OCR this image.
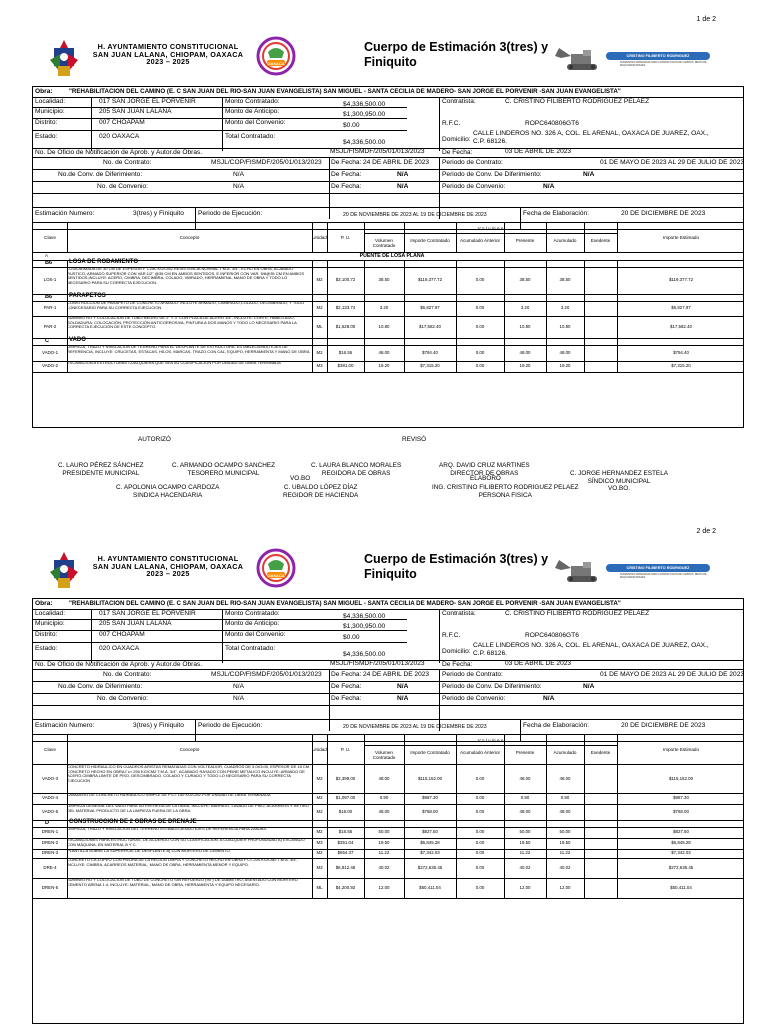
1 de 2
H. AYUNTAMIENTO CONSTITUCIONAL
SAN JUAN LALANA, CHIOPAM, OAXACA
2023 – 2025	OAXACA
Cuerpo de Estimación 3(tres) y
Finiquito	CRISTINO FILIBERTO RODRIGUEZ
SUMINISTRO MATERIALES PARA CONSTRUCCION DE CAMINOS, RENTA DE MAQUINARIA PESADA
Obra:	"REHABILITACION DEL CAMINO (E. C SAN JUAN DEL RIO-SAN JUAN EVANGELISTA) SAN MIGUEL - SANTA CECILIA DE MADERO- SAN JORGE EL PORVENIR -SAN JUAN EVANGELISTA"
Localidad:	017 SAN JORGE EL PORVENIR	Monto Contratado:	$4,336,500.00	Contratista:	C. CRISTINO FILIBERTO RODRIGUEZ PELAEZ
Municipio:	205 SAN JUAN LALANA	Monto de Anticipo:	$1,300,950.00
Distrito:	007 CHOAPAM	Monto del Convenio:	$0.00	R.F.C.	ROPC640806GT6
Estado:	020 OAXACA	Total Contratado:
$4,336,500.00	Domicilio:
CALLE LINDEROS NO. 326 A, COL. EL ARENAL, OAXACA DE JUAREZ, OAX.,
C.P. 68126.
No. De Oficio de Notificación de Aprob. y Autor.de Obras.	MSJL/FISMDF/205/01/013/2023	De Fecha:	03 DE ABRIL DE 2023
No. de Contrato:	MSJL/COP/FISMDF/205/01/013/2023 De Fecha: 24 DE ABRIL DE 2023 Periodo de Contrato:	01 DE MAYO DE 2023 AL 29 DE JULIO DE 2023
No.de Conv. de Diferimiento:	N/A	De Fecha:	N/A	Periodo de Conv. De Diferimiento:	N/A
No. de Convenio:	N/A	De Fecha:	N/A	Periodo de Convenio:	N/A
Estimación Numero:	3(tres) y Finiquito Periodo de Ejecución:	20 DE NOVIEMBRE DE 2023 AL 19 DE DICIEMBRE DE 2023	Fecha de Elaboración:	20 DE DICIEMBRE DE 2023
Clave	Concepto	Unidad	P. U.
V o l u m e n
Volumen Contratado
Importe Contratado	Acumulado Anterior	Presente	Acumulado	Exedente
Importe Estimado
A	PUENTE DE LOSA PLANA
B6	LOSA DE RODAMIENTO
LOS-1
LOSA ARMADA DE 30 CM DE ESPESOR F´C250 KG/CM2 RESISTENCIA NORMAL T.M.A. 3/4", ECHO EN OBRA, ACABADO RUSTICO, ARMADO SUPERIOR CON VAR.1/2" @35 CM EN AMBOS SENTIDOS, E INFERIOR CON VAR. 5/8@35 CM EN AMBOS SENTIDOS,INCLUYE: ACERO, CIMBRA, DECIMBRA, COLADO, VIBRADO, HERRAMIENA, MANO DE OBRA Y TODO LO NECESARIO PARA SU CORRECTA EJECUCION.
M2	$3,100.72	38.50	$119,377.72	0.00	38.50	38.50	$119,377.72
B6	PARAPETOS
PAR-1
CONSTRUCCION DE PARAPETO DE CONCRETO ARMADO: INCLUYE ARMADO, CIMBRADO,COLADO, DECIMBRADO, Y TODO LONECESARIO PARA SU CORRECTA EJECUCION	M2	$2,133.74	3.20	$6,827.97	0.00	3.20	3.20	$6,827.97
PAR-2
SUMINISTRO Y COLOCACION DE TUBO NEGRO DE 2" Y 3" CON PLACA DE ACERO 1/4", INCLUYE: CORTE, HABILITADO, SOLDADURA, COLOCACIÓN, PROTECCIÓN ANTICORROSIVA, PINTURA A DOS MANOS Y TODO LO NECESARIO PARA LA CORRECTA EJECUCIÓN DE ESTE CONCEPTO.	ML	$1,628.00	10.80	$17,582.40	0.00	10.80	10.80	$17,582.40
C	VADO
VADO-1
LIMPIEZA, TRAZO Y NIVELACION DE TERRENO PARA EL DESPLANTE DE ESTRUCTURA, ESTABLECIENDO EJES DE REFERENCIA, INCLUYE: CRUCETAS, ESTACAS, HILOS, MARCAS, TRAZO CON CAL, EQUIPO, HERRAMIENTA Y MANO DE OBRA	M2	$16.55	48.00	$794.40	0.00	48.00	48.00	$794.40
VADO-2
EXCAVACION A ESTRUCTURAS CUALQUIERA QUE SEA SU CLASIFICACION POR UNIDAD DE OBRA TERMINADA
M3	$381.00	19.20	$7,315.20	0.00	19.20	19.20	$7,315.20
2 de 2
H. AYUNTAMIENTO CONSTITUCIONAL
SAN JUAN LALANA, CHIOPAM, OAXACA
2023 – 2025	OAXACA
Cuerpo de Estimación 3(tres) y
Finiquito	CRISTINO FILIBERTO RODRIGUEZ
SUMINISTRO MATERIALES PARA CONSTRUCCION DE CAMINOS, RENTA DE MAQUINARIA PESADA
Obra:	"REHABILITACION DEL CAMINO (E. C SAN JUAN DEL RIO-SAN JUAN EVANGELISTA) SAN MIGUEL - SANTA CECILIA DE MADERO- SAN JORGE EL PORVENIR -SAN JUAN EVANGELISTA"
Localidad:	017 SAN JORGE EL PORVENIR	Monto Contratado:	$4,336,500.00	Contratista:	C. CRISTINO FILIBERTO RODRIGUEZ PELAEZ
Municipio:	205 SAN JUAN LALANA	Monto de Anticipo:	$1,300,950.00
Distrito:	007 CHOAPAM	Monto del Convenio:	$0.00	R.F.C.	ROPC640806GT6
Estado:	020 OAXACA	Total Contratado:
$4,336,500.00	Domicilio:
CALLE LINDEROS NO. 326 A, COL. EL ARENAL, OAXACA DE JUAREZ, OAX.,
C.P. 68126.
No. De Oficio de Notificación de Aprob. y Autor.de Obras.	MSJL/FISMDF/205/01/013/2023	De Fecha:	03 DE ABRIL DE 2023
No. de Contrato:	MSJL/COP/FISMDF/205/01/013/2023 De Fecha: 24 DE ABRIL DE 2023 Periodo de Contrato:	01 DE MAYO DE 2023 AL 29 DE JULIO DE 2023
No.de Conv. de Diferimiento:	N/A	De Fecha:	N/A	Periodo de Conv. De Diferimiento:	N/A
No. de Convenio:	N/A	De Fecha:	N/A	Periodo de Convenio:	N/A
Estimación Numero:	3(tres) y Finiquito Periodo de Ejecución:	20 DE NOVIEMBRE DE 2023 AL 19 DE DICIEMBRE DE 2023	Fecha de Elaboración:	20 DE DICIEMBRE DE 2023
Clave	Concepto	Unidad	P. U.
V o l u m e n
Volumen Contratado
Importe Contratado	Acumulado Anterior	Presente	Acumulado	Exedente
Importe Estimado
VADO-3
CONCRETO HIDRAULICO EN CUADROS ARISTAS REMATADAS CON VOLTEADOR, CUADROS DE 3.0X3.00, ESPESOR DE 15 CM CONCRETO HECHO EN OBRA f´c= 250 KG/CM2 T.M.A. 3/4". ACABADO RAYADO CON PEINE METALICO INCLUYE: ARMADO DE ACERO,CIMBRA LIMITE DE PISO, DESCIMBRADO, COLADO Y CURADO Y TODO LO NECESARIO PARA SU CORRECTA EJECUCION	M2	$2,399.00	48.00	$115,152.00	0.00	48.00	48.00	$115,152.00
VADO-4
LAVADERO DE CONCRETO HIDRAULICO SIMPLE DE F'C= 150 KG/CM2 POR UNIDAD DE OBRA TERMINADA
M2	$1,097.00	0.90	$987.30	0.00	0.90	0.90	$987.30
VADO-5
LIMPIEZA GENERAL DEL VADO PARA SU ENTREGA DE LA OBRA, INCLUYE: BARRIDO, LAVADO DE PISO, ACARREOS Y RETIRO DEL MATERIAL PRODUCTO DE LA LIMPIEZA FUERA DE LA OBRA.	M2	$16.00	48.00	$768.00	0.00	48.00	48.00	$768.00
D	CONSTRUCCION DE 2 OBRAS DE DRENAJE
DREN-1
LIMPIEZA, TRAZO Y NIVELACION DEL TERRENO ESTABLECIENDO EJES DE REFERENCIA PARA ZANJAS.
M2	$16.55	50.00	$827.50	0.00	50.00	50.00	$827.50
DREN-2
EXCAVACIONES PARA ESTRUCTURAS, DE ACUERDO CON SU CLASIFICACIÓN, A CUALQUIER PROFUNDIDAD A) EXCAVADO CON MÁQUINA. EN MATERIAL B Y C.	M3	$351.04	19.50	$6,845.28	0.00	19.50	19.50	$6,845.28
DREN-3	PLANTILLA SOBRE LA SUPERFICIE DE DESPLANTE A) CON MORTERO DE CEMENTO.	M2	$654.37	11.22	$7,342.03	0.00	11.22	11.22	$7,342.03
DRE-4
CONCRETO CICLOPEO CON PIEDRA DE LA REGION LIMPIA Y CONCRETO HECHO EN OBRA F'C= 200 KG/CM2 T.M.A. 3/4", INCLUYE: CIMBRA, ACARREOS MATERIAL, MANO DE OBRA, HERRAMIENTA MENOR Y EQUIPO.
M3	$6,812.48	40.02	$272,635.45	0.00	40.02	40.02	$272,635.45
DREN-5
SUMINISTRO Y COLOCACION DE TUBO DE CONCRETO SIN REFUERZO (90") DE DIAMETRO, ASENTADO CON MORTERO CEMENTO ARENA 1:4, INCLUYE: MATERIAL, MANO DE OBRA, HERRAMIENTA Y EQUIPO NECESARIO.
ML	$4,200.92	12.00	$50,411.04	0.00	12.00	12.00	$50,411.04
AUTORIZÓ	REVISÓ
C. LAURO PÉREZ SÁNCHEZ
PRESIDENTE MUNICIPAL
C. ARMANDO OCAMPO SANCHEZ
TESORERO MUNICIPAL
C. LAURA BLANCO MORALES
REGIDORA DE OBRAS
ARQ. DAVID CRUZ MARTINES
DIRECTOR DE OBRAS	C. JORGE HERNANDEZ ESTELA
SÍNDICO MUNICIPAL
VO.BO.
C. APOLONIA OCAMPO CARDOZA
SINDICA HACENDARIA
C. UBALDO LÓPEZ DÍAZ
REGIDOR DE HACIENDA
ING. CRISTINO FILIBERTO RODRIGUEZ PELAEZ
PERSONA FISICA
VO.BO	ELABORÓ
